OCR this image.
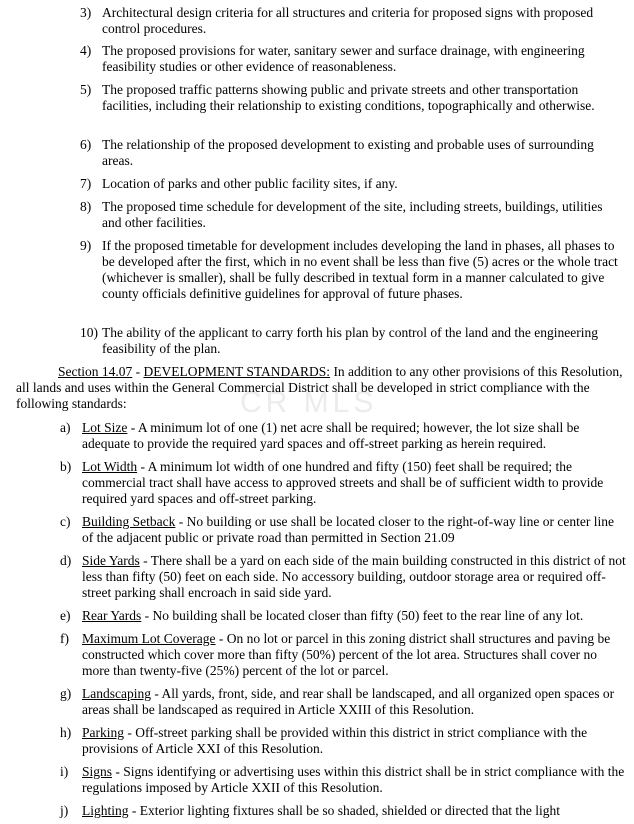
CR MLS
3) Architectural design criteria for all structures and criteria for proposed signs with proposed control procedures.
4) The proposed provisions for water, sanitary sewer and surface drainage, with engineering feasibility studies or other evidence of reasonableness.
5) The proposed traffic patterns showing public and private streets and other transportation facilities, including their relationship to existing conditions, topographically and otherwise.
6) The relationship of the proposed development to existing and probable uses of surrounding areas.
7) Location of parks and other public facility sites, if any.
8) The proposed time schedule for development of the site, including streets, buildings, utilities and other facilities.
9) If the proposed timetable for development includes developing the land in phases, all phases to be developed after the first, which in no event shall be less than five (5) acres or the whole tract (whichever is smaller), shall be fully described in textual form in a manner calculated to give county officials definitive guidelines for approval of future phases.
10) The ability of the applicant to carry forth his plan by control of the land and the engineering feasibility of the plan.
Section 14.07 - DEVELOPMENT STANDARDS: In addition to any other provisions of this Resolution, all lands and uses within the General Commercial District shall be developed in strict compliance with the following standards:
a) Lot Size - A minimum lot of one (1) net acre shall be required; however, the lot size shall be adequate to provide the required yard spaces and off-street parking as herein required.
b) Lot Width - A minimum lot width of one hundred and fifty (150) feet shall be required; the commercial tract shall have access to approved streets and shall be of sufficient width to provide required yard spaces and off-street parking.
c) Building Setback - No building or use shall be located closer to the right-of-way line or center line of the adjacent public or private road than permitted in Section 21.09
d) Side Yards - There shall be a yard on each side of the main building constructed in this district of not less than fifty (50) feet on each side. No accessory building, outdoor storage area or required off-street parking shall encroach in said side yard.
e) Rear Yards - No building shall be located closer than fifty (50) feet to the rear line of any lot.
f) Maximum Lot Coverage - On no lot or parcel in this zoning district shall structures and paving be constructed which cover more than fifty (50%) percent of the lot area. Structures shall cover no more than twenty-five (25%) percent of the lot or parcel.
g) Landscaping - All yards, front, side, and rear shall be landscaped, and all organized open spaces or areas shall be landscaped as required in Article XXIII of this Resolution.
h) Parking - Off-street parking shall be provided within this district in strict compliance with the provisions of Article XXI of this Resolution.
i) Signs - Signs identifying or advertising uses within this district shall be in strict compliance with the regulations imposed by Article XXII of this Resolution.
j) Lighting - Exterior lighting fixtures shall be so shaded, shielded or directed that the light
